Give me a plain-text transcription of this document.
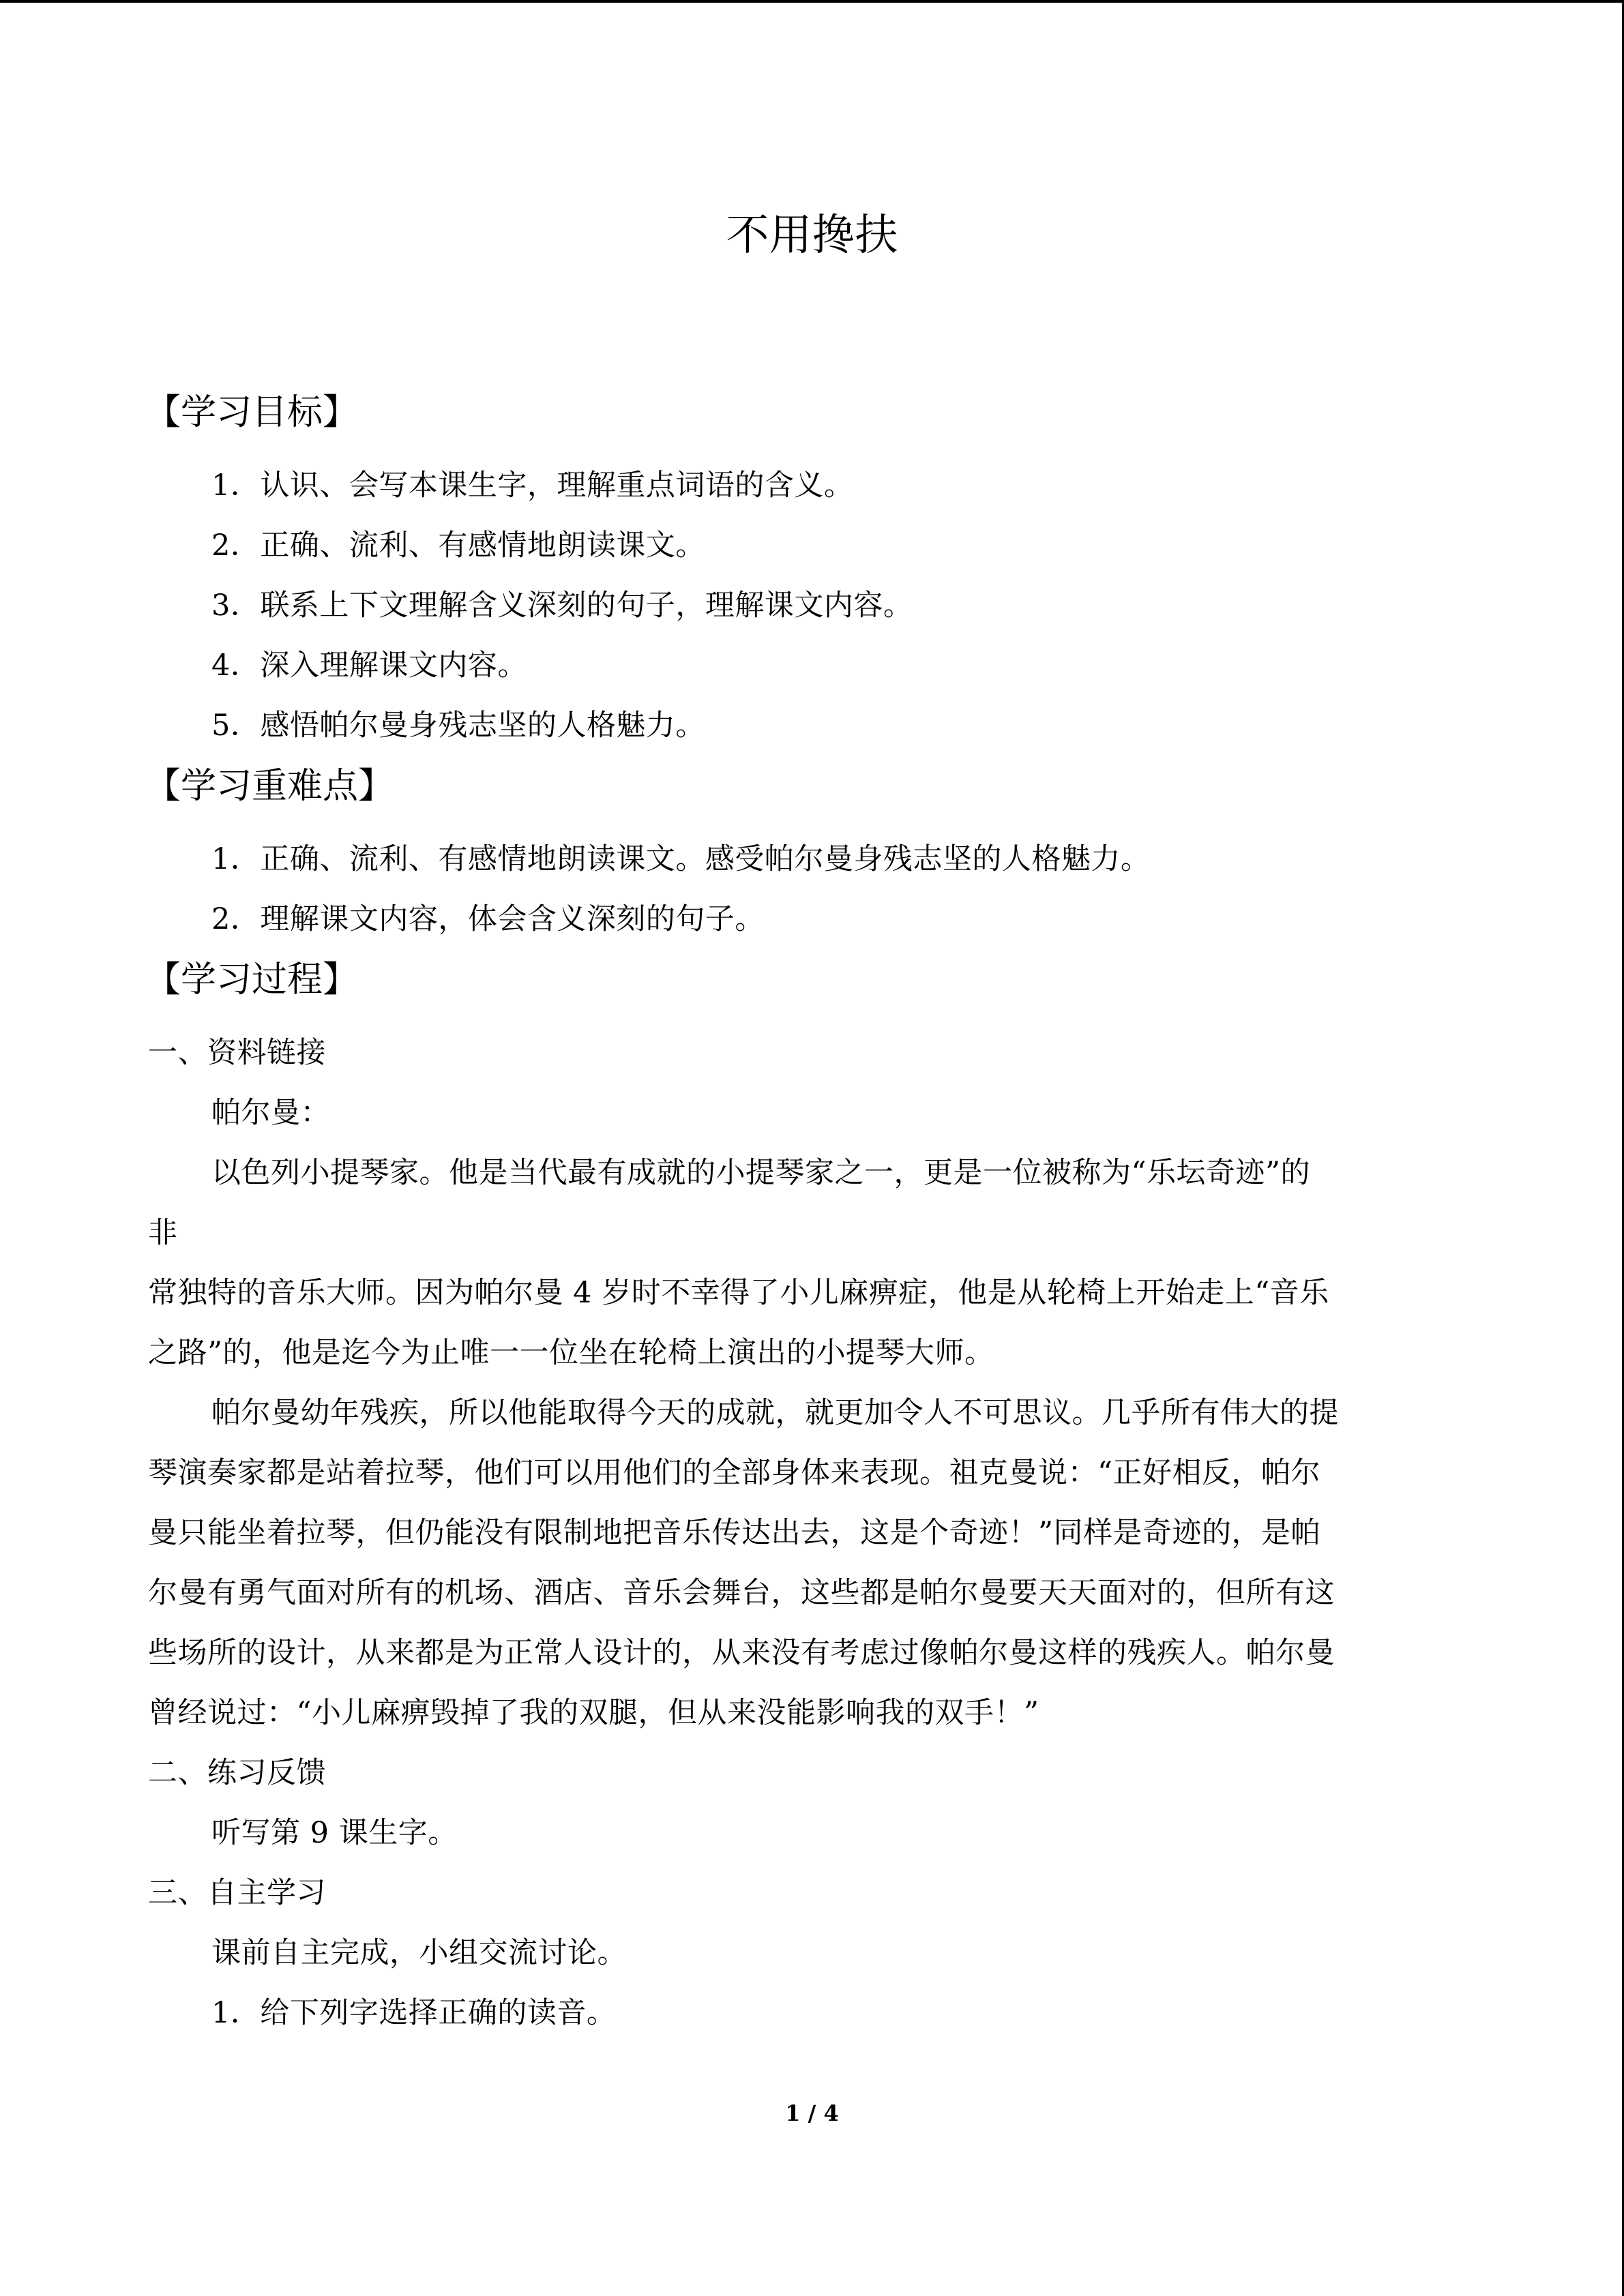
不用搀扶
【学习目标】
1．认识、会写本课生字，理解重点词语的含义。
2．正确、流利、有感情地朗读课文。
3．联系上下文理解含义深刻的句子，理解课文内容。
4．深入理解课文内容。
5．感悟帕尔曼身残志坚的人格魅力。
【学习重难点】
1．正确、流利、有感情地朗读课文。感受帕尔曼身残志坚的人格魅力。
2．理解课文内容，体会含义深刻的句子。
【学习过程】
一、资料链接
帕尔曼：
以色列小提琴家。他是当代最有成就的小提琴家之一，更是一位被称为“乐坛奇迹”的
非
常独特的音乐大师。因为帕尔曼 4 岁时不幸得了小儿麻痹症，他是从轮椅上开始走上“音乐
之路”的，他是迄今为止唯一一位坐在轮椅上演出的小提琴大师。
帕尔曼幼年残疾，所以他能取得今天的成就，就更加令人不可思议。几乎所有伟大的提
琴演奏家都是站着拉琴，他们可以用他们的全部身体来表现。祖克曼说：“正好相反，帕尔
曼只能坐着拉琴，但仍能没有限制地把音乐传达出去，这是个奇迹！”同样是奇迹的，是帕
尔曼有勇气面对所有的机场、酒店、音乐会舞台，这些都是帕尔曼要天天面对的，但所有这
些场所的设计，从来都是为正常人设计的，从来没有考虑过像帕尔曼这样的残疾人。帕尔曼
曾经说过：“小儿麻痹毁掉了我的双腿，但从来没能影响我的双手！”
二、练习反馈
听写第 9 课生字。
三、自主学习
课前自主完成，小组交流讨论。
1．给下列字选择正确的读音。
1 / 4
